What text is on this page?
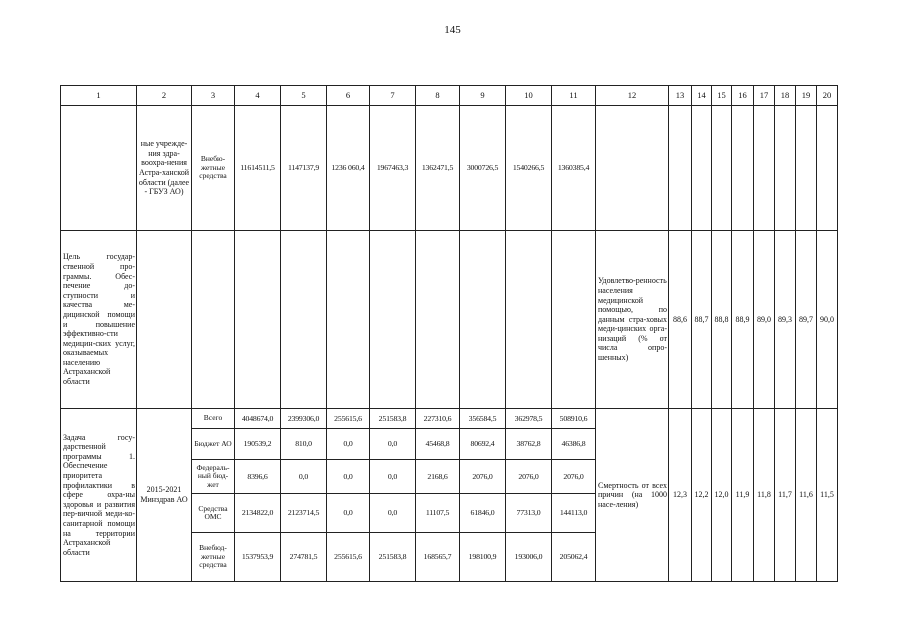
145
1	2	3	4	5	6	7	8	9	10	11	12	13	14	15	16	17	18	19	20
	ные учрежде-ния здра-воохра-нения Астра-ханской области (далее - ГБУЗ АО)	Внебю-жетные средства	11614511,5	1147137,9	1236 060,4	1967463,3	1362471,5	3000726,5	1540266,5	1360385,4									
Цель государ-ственной про-граммы. Обес-печение до-ступности и качества ме-дицинской помощи и повышение эффективно-сти медицин-ских услуг, оказываемых населению Астраханской области											Удовлетво-ренность населения медицинской помощью, по данным стра-ховых меди-цинских орга-низаций (% от числа опро-шенных)	88,6	88,7	88,8	88,9	89,0	89,3	89,7	90,0
Задача госу-дарственной программы 1. Обеспечение приоритета профилактики в сфере охра-ны здоровья и развития пер-вичной меди-ко-санитарной помощи на территории Астраханской области	2015-2021 Минздрав АО	Всего	4048674,0	2399306,0	255615,6	251583,8	227310,6	356584,5	362978,5	508910,6	Смертность от всех причин (на 1000 насе-ления)	12,3	12,2	12,0	11,9	11,8	11,7	11,6	11,5
		Бюджет АО	190539,2	810,0	0,0	0,0	45468,8	80692,4	38762,8	46386,8									
		Федераль-ный бюд-жет	8396,6	0,0	0,0	0,0	2168,6	2076,0	2076,0	2076,0									
		Средства ОМС	2134822,0	2123714,5	0,0	0,0	11107,5	61846,0	77313,0	144113,0									
		Внебюд-жетные средства	1537953,9	274781,5	255615,6	251583,8	168565,7	198100,9	193006,0	205062,4									
